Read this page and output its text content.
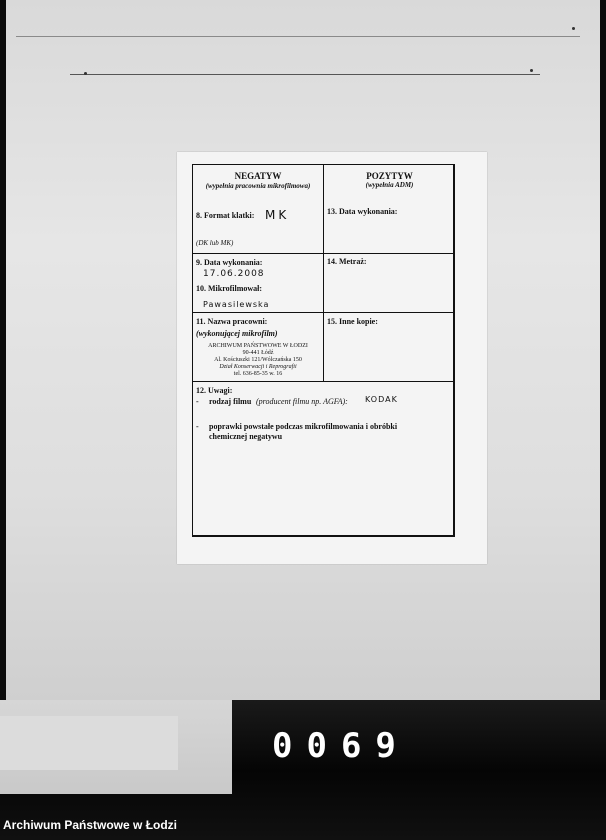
NEGATYW
(wypełnia pracownia mikrofilmowa)
8. Format klatki: MK
(DK lub MK)
POZYTYW
(wypełnia ADM)
13. Data wykonania:
9. Data wykonania:
17.06.2008
10. Mikrofilmował:
Pawasilewska
14. Metraż:
11. Nazwa pracowni:
(wykonującej mikrofilm)
ARCHIWUM PAŃSTWOWE W ŁODZI
90-441 Łódź
Al. Kościuszki 121/Wólczańska 150
Dział Konserwacji i Reprografii
tel. 636-85-35 w. 16
15. Inne kopie:
12. Uwagi:
- rodzaj filmu (producent filmu np. AGFA): KODAK
- poprawki powstałe podczas mikrofilmowania i obróbki
chemicznej negatywu
0069
Archiwum Państwowe w Łodzi
